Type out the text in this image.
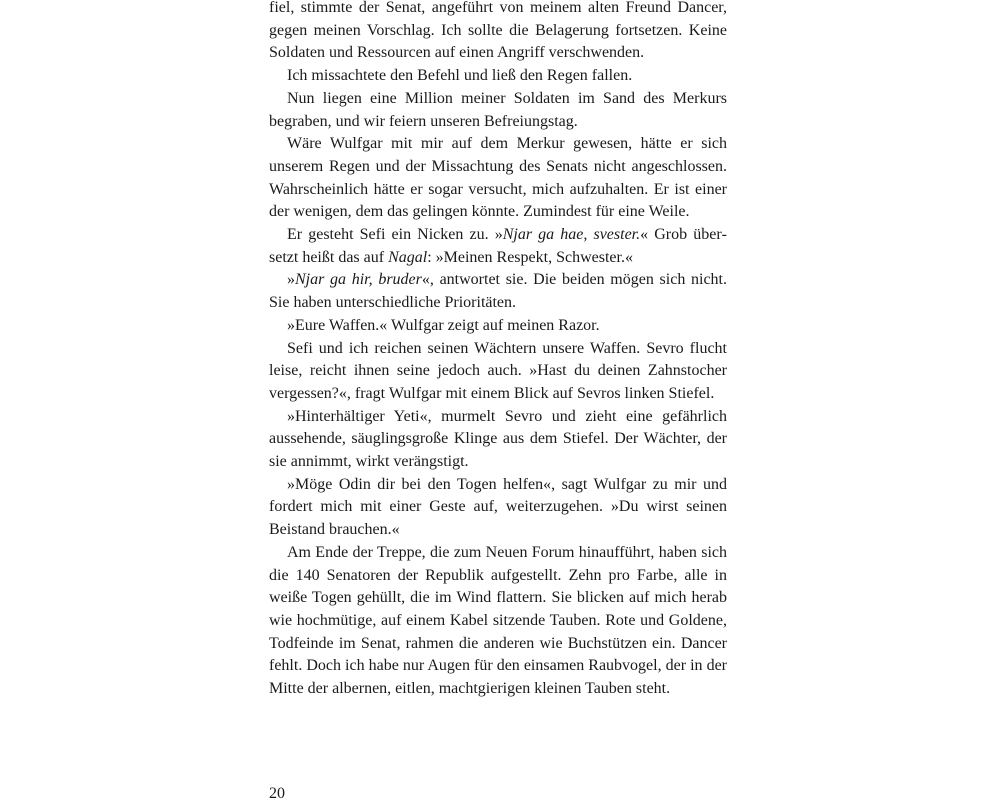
fiel, stimmte der Senat, angeführt von meinem alten Freund Dancer, gegen meinen Vorschlag. Ich sollte die Belagerung fortsetzen. Keine Soldaten und Ressourcen auf einen Angriff verschwenden.

Ich missachtete den Befehl und ließ den Regen fallen.

Nun liegen eine Million meiner Soldaten im Sand des Merkurs begraben, und wir feiern unseren Befreiungstag.

Wäre Wulfgar mit mir auf dem Merkur gewesen, hätte er sich unserem Regen und der Missachtung des Senats nicht angeschlossen. Wahrscheinlich hätte er sogar versucht, mich aufzuhalten. Er ist einer der wenigen, dem das gelingen könnte. Zumindest für eine Weile.

Er gesteht Sefi ein Nicken zu. »Njar ga hae, svester.« Grob übersetzt heißt das auf Nagal: »Meinen Respekt, Schwester.«

»Njar ga hir, bruder«, antwortet sie. Die beiden mögen sich nicht. Sie haben unterschiedliche Prioritäten.

»Eure Waffen.« Wulfgar zeigt auf meinen Razor.

Sefi und ich reichen seinen Wächtern unsere Waffen. Sevro flucht leise, reicht ihnen seine jedoch auch. »Hast du deinen Zahnstocher vergessen?«, fragt Wulfgar mit einem Blick auf Sevros linken Stiefel.

»Hinterhältiger Yeti«, murmelt Sevro und zieht eine gefährlich aussehende, säuglingsgroße Klinge aus dem Stiefel. Der Wächter, der sie annimmt, wirkt verängstigt.

»Möge Odin dir bei den Togen helfen«, sagt Wulfgar zu mir und fordert mich mit einer Geste auf, weiterzugehen. »Du wirst seinen Beistand brauchen.«

Am Ende der Treppe, die zum Neuen Forum hinaufführt, haben sich die 140 Senatoren der Republik aufgestellt. Zehn pro Farbe, alle in weiße Togen gehüllt, die im Wind flattern. Sie blicken auf mich herab wie hochmütige, auf einem Kabel sitzende Tauben. Rote und Goldene, Todfeinde im Senat, rahmen die anderen wie Buchstützen ein. Dancer fehlt. Doch ich habe nur Augen für den einsamen Raubvogel, der in der Mitte der albernen, eitlen, machtgierigen kleinen Tauben steht.

20
